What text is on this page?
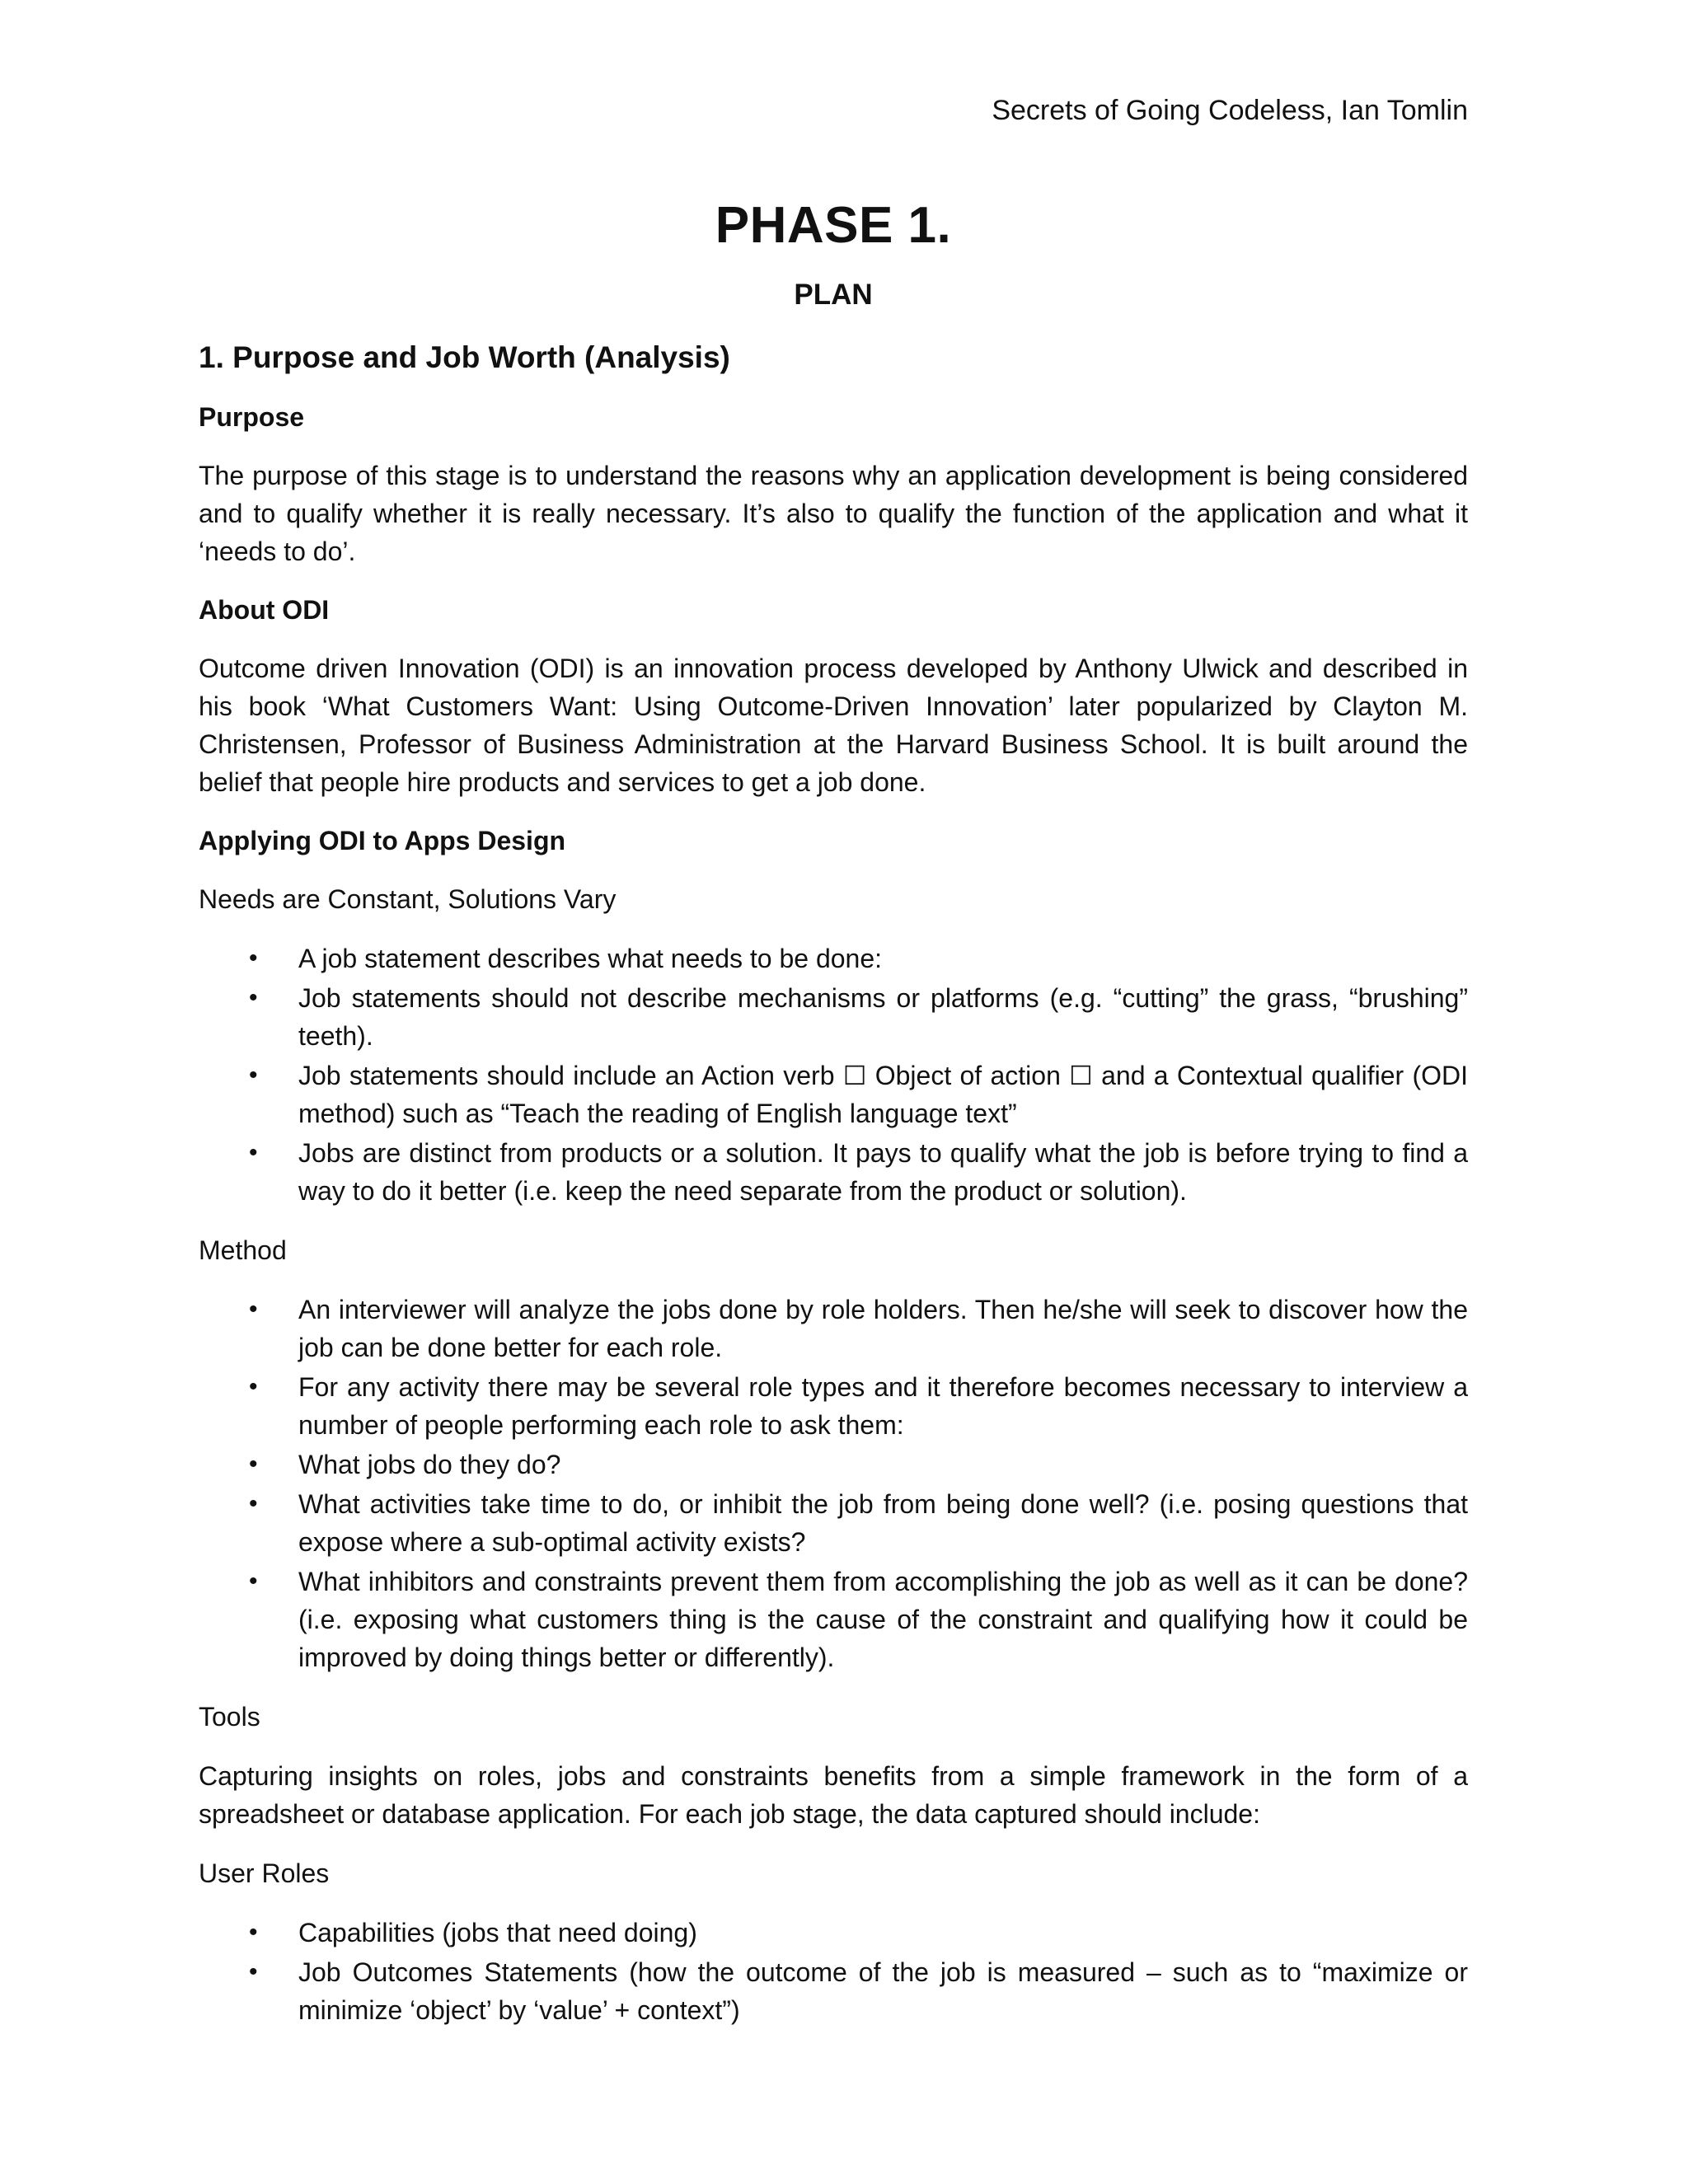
Secrets of Going Codeless, Ian Tomlin
PHASE 1.
PLAN
1. Purpose and Job Worth (Analysis)
Purpose

The purpose of this stage is to understand the reasons why an application development is being considered and to qualify whether it is really necessary. It’s also to qualify the function of the application and what it ‘needs to do’.

About ODI

Outcome driven Innovation (ODI) is an innovation process developed by Anthony Ulwick and described in his book ‘What Customers Want: Using Outcome-Driven Innovation’ later popularized by Clayton M. Christensen, Professor of Business Administration at the Harvard Business School. It is built around the belief that people hire products and services to get a job done.

Applying ODI to Apps Design
Needs are Constant, Solutions Vary
• A job statement describes what needs to be done:
• Job statements should not describe mechanisms or platforms (e.g. “cutting” the grass, “brushing” teeth).
• Job statements should include an Action verb ☐ Object of action ☐ and a Contextual qualifier (ODI method) such as “Teach the reading of English language text”
• Jobs are distinct from products or a solution. It pays to qualify what the job is before trying to find a way to do it better (i.e. keep the need separate from the product or solution).
Method
• An interviewer will analyze the jobs done by role holders. Then he/she will seek to discover how the job can be done better for each role.
• For any activity there may be several role types and it therefore becomes necessary to interview a number of people performing each role to ask them:
• What jobs do they do?
• What activities take time to do, or inhibit the job from being done well? (i.e. posing questions that expose where a sub-optimal activity exists?
• What inhibitors and constraints prevent them from accomplishing the job as well as it can be done? (i.e. exposing what customers thing is the cause of the constraint and qualifying how it could be improved by doing things better or differently).
Tools

Capturing insights on roles, jobs and constraints benefits from a simple framework in the form of a spreadsheet or database application. For each job stage, the data captured should include:

User Roles
• Capabilities (jobs that need doing)
• Job Outcomes Statements (how the outcome of the job is measured – such as to “maximize or minimize ‘object’ by ‘value’ + context”)
